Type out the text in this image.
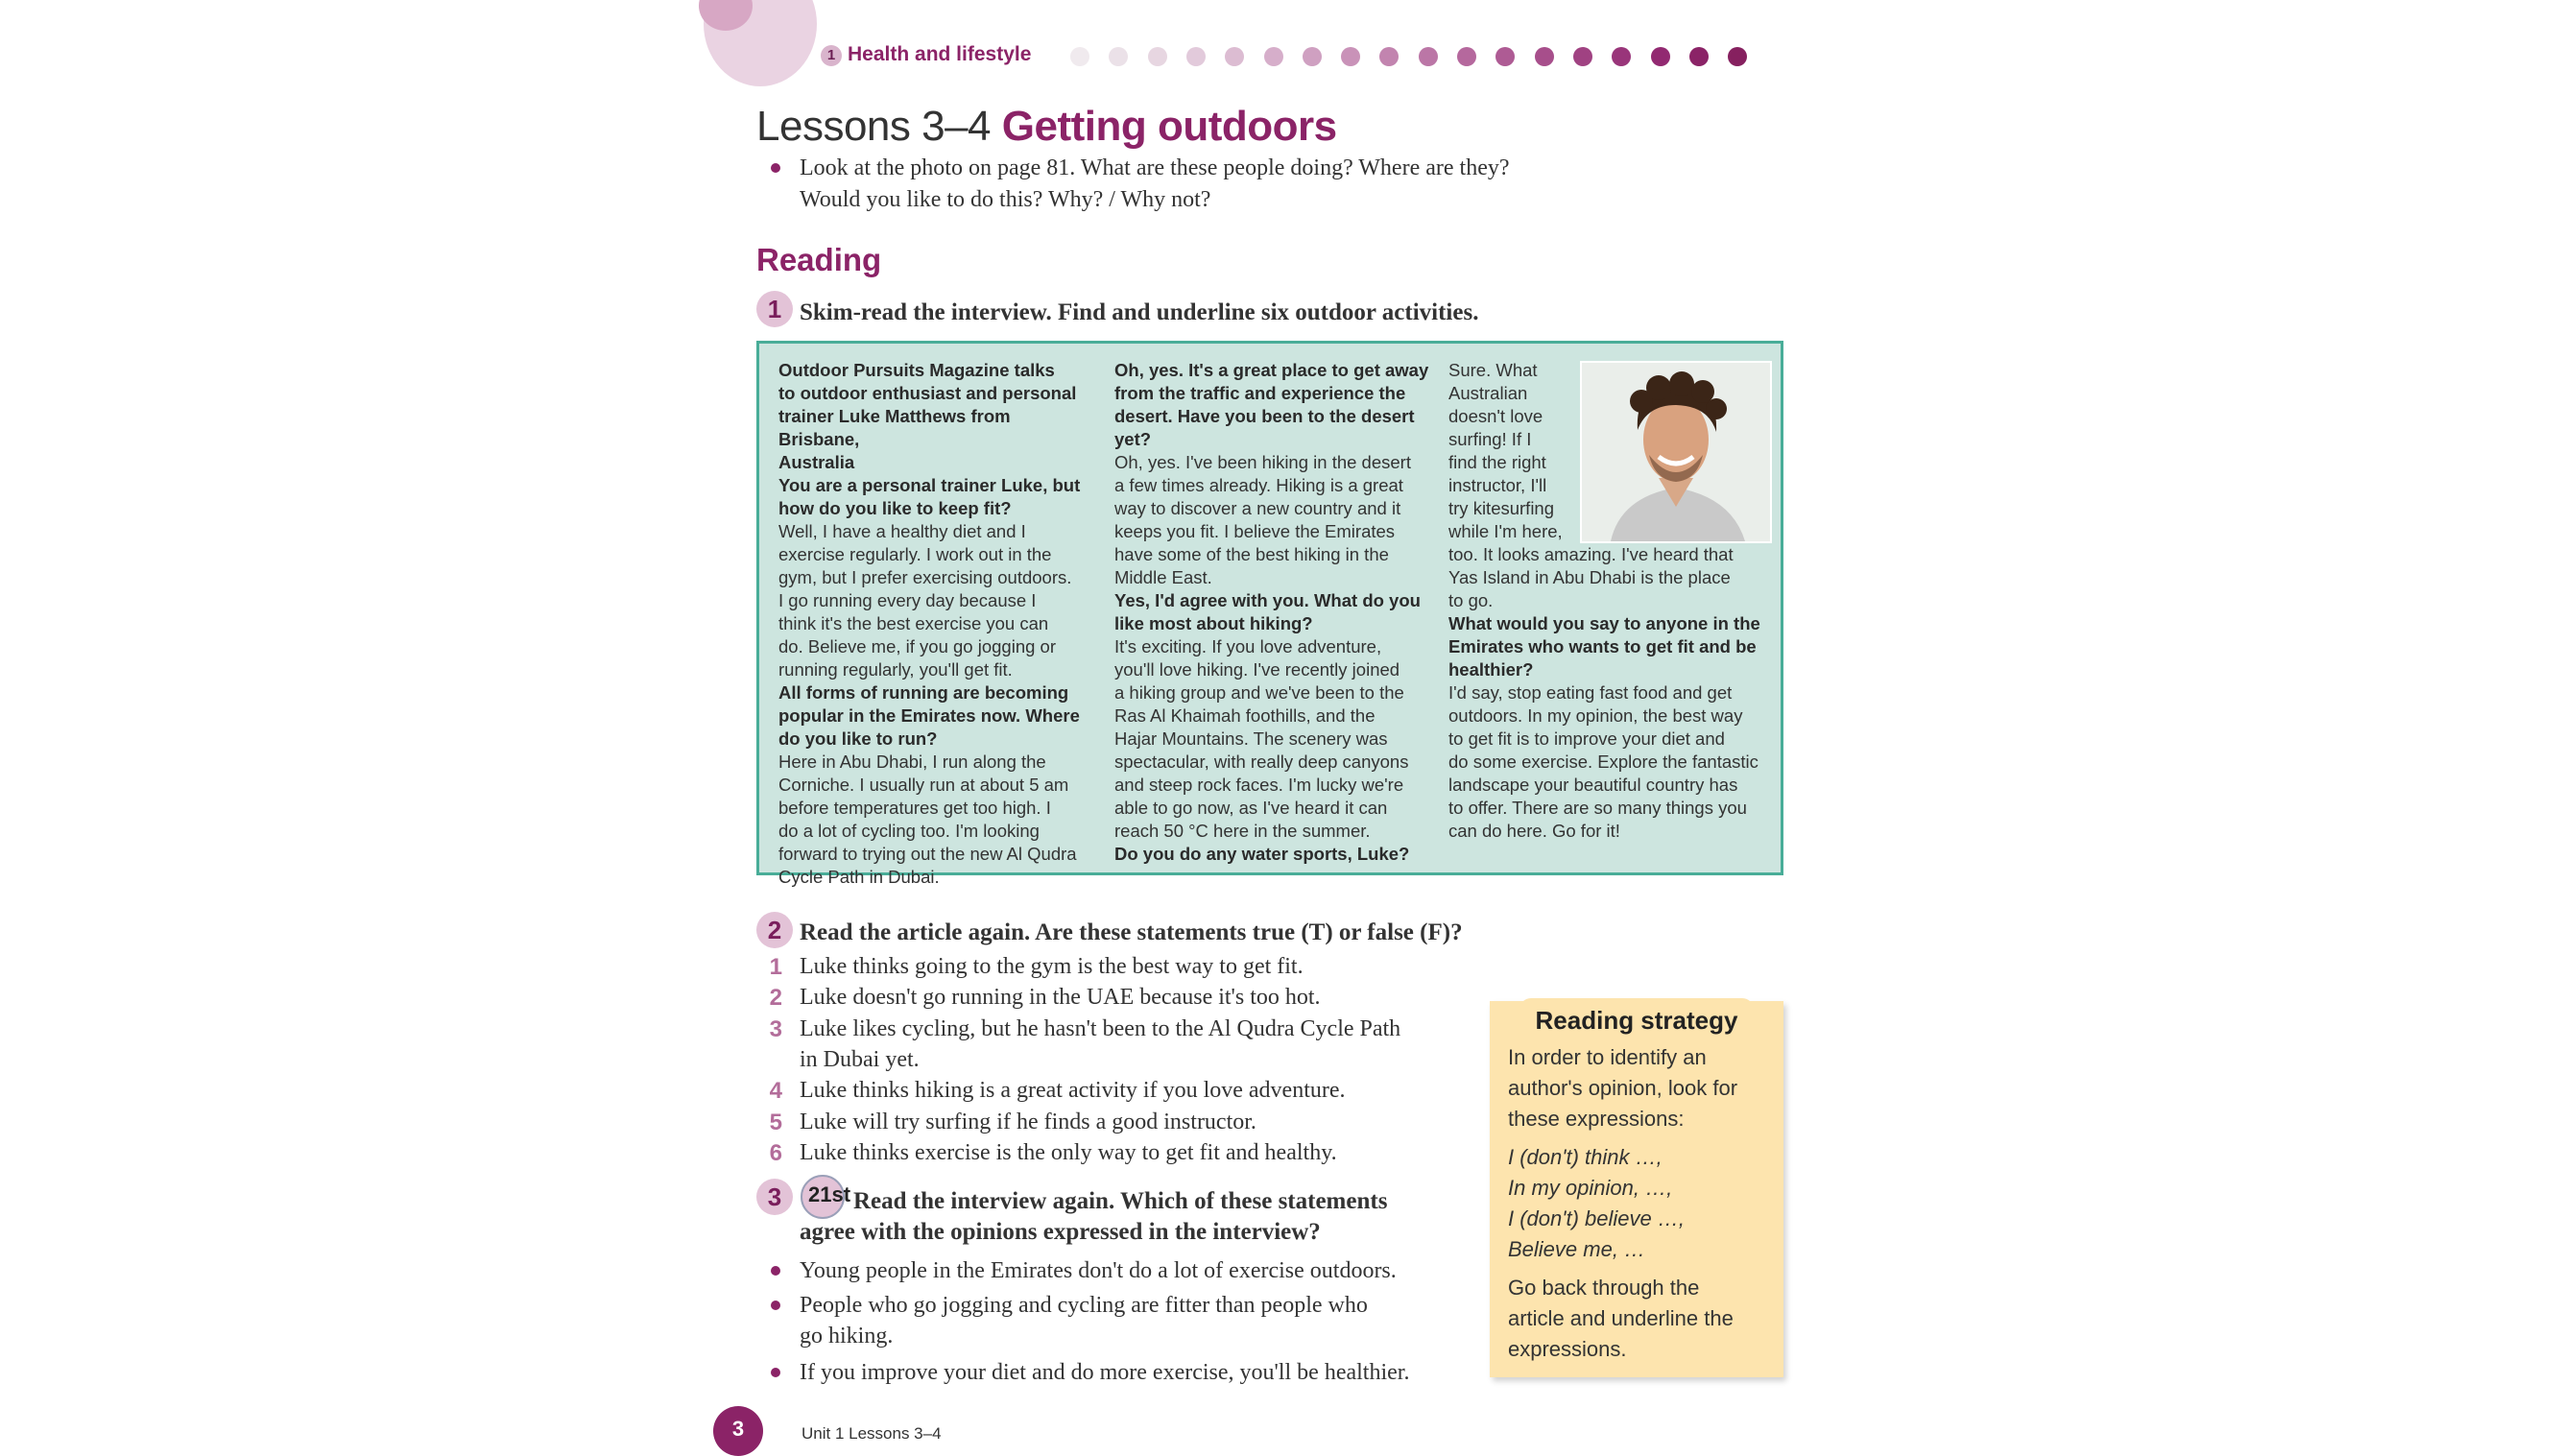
1 Health and lifestyle
Lessons 3–4 Getting outdoors
Look at the photo on page 81. What are these people doing? Where are they?
Would you like to do this? Why? / Why not?
Reading
1 Skim-read the interview. Find and underline six outdoor activities.

Outdoor Pursuits Magazine talks

to outdoor enthusiast and personal

trainer Luke Matthews from Brisbane,

Australia

You are a personal trainer Luke, but

how do you like to keep fit?

Well, I have a healthy diet and I

exercise regularly. I work out in the

gym, but I prefer exercising outdoors.

I go running every day because I

think it's the best exercise you can

do. Believe me, if you go jogging or

running regularly, you'll get fit.

All forms of running are becoming

popular in the Emirates now. Where

do you like to run?

Here in Abu Dhabi, I run along the

Corniche. I usually run at about 5 am

before temperatures get too high. I

do a lot of cycling too. I'm looking

forward to trying out the new Al Qudra

Cycle Path in Dubai.

Oh, yes. It's a great place to get away

from the traffic and experience the

desert. Have you been to the desert

yet?

Oh, yes. I've been hiking in the desert

a few times already. Hiking is a great

way to discover a new country and it

keeps you fit. I believe the Emirates

have some of the best hiking in the

Middle East.

Yes, I'd agree with you. What do you

like most about hiking?

It's exciting. If you love adventure,

you'll love hiking. I've recently joined

a hiking group and we've been to the

Ras Al Khaimah foothills, and the

Hajar Mountains. The scenery was

spectacular, with really deep canyons

and steep rock faces. I'm lucky we're

able to go now, as I've heard it can

reach 50 °C here in the summer.

Do you do any water sports, Luke?

Sure. What

Australian

doesn't love

surfing! If I

find the right

instructor, I'll

try kitesurfing

while I'm here,

too. It looks amazing. I've heard that

Yas Island in Abu Dhabi is the place

to go.

What would you say to anyone in the

Emirates who wants to get fit and be

healthier?

I'd say, stop eating fast food and get

outdoors. In my opinion, the best way

to get fit is to improve your diet and

do some exercise. Explore the fantastic

landscape your beautiful country has

to offer. There are so many things you

can do here. Go for it!

2 Read the article again. Are these statements true (T) or false (F)?
1 Luke thinks going to the gym is the best way to get fit.
2 Luke doesn't go running in the UAE because it's too hot.
3 Luke likes cycling, but he hasn't been to the Al Qudra Cycle Path
in Dubai yet.
4 Luke thinks hiking is a great activity if you love adventure.
5 Luke will try surfing if he finds a good instructor.
6 Luke thinks exercise is the only way to get fit and healthy.
3	21st Read the interview again. Which of these statements
agree with the opinions expressed in the interview?
Young people in the Emirates don't do a lot of exercise outdoors.
People who go jogging and cycling are fitter than people who
go hiking.
If you improve your diet and do more exercise, you'll be healthier.
Reading strategy
In order to identify an
author's opinion, look for
these expressions:
I (don't) think …,
In my opinion, …,
I (don't) believe …,
Believe me, …
Go back through the
article and underline the
expressions.
3	Unit 1 Lessons 3–4
